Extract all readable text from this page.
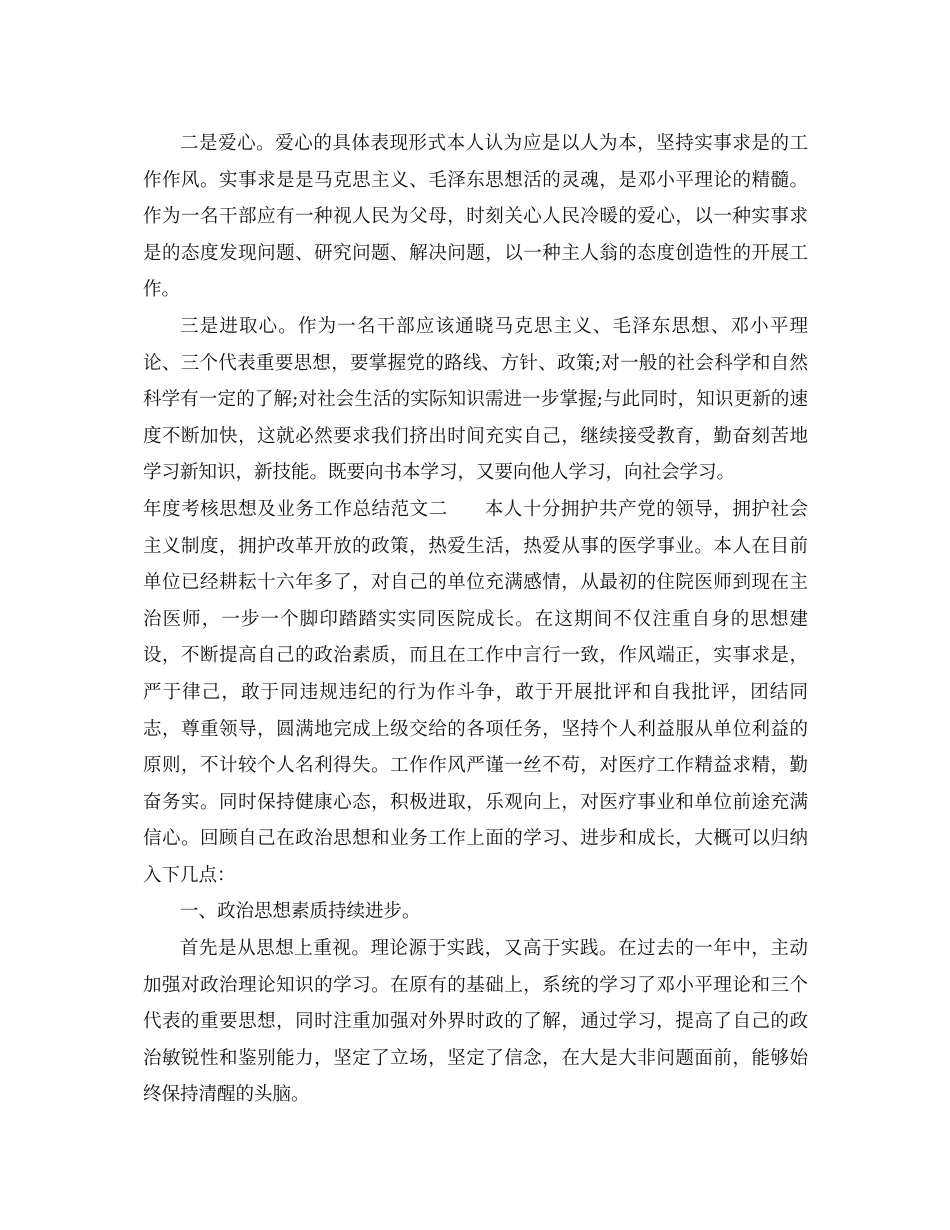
二是爱心。爱心的具体表现形式本人认为应是以人为本，坚持实事求是的工作作风。实事求是是马克思主义、毛泽东思想活的灵魂，是邓小平理论的精髓。作为一名干部应有一种视人民为父母，时刻关心人民冷暖的爱心，以一种实事求是的态度发现问题、研究问题、解决问题，以一种主人翁的态度创造性的开展工作。

三是进取心。作为一名干部应该通晓马克思主义、毛泽东思想、邓小平理论、三个代表重要思想，要掌握党的路线、方针、政策;对一般的社会科学和自然科学有一定的了解;对社会生活的实际知识需进一步掌握;与此同时，知识更新的速度不断加快，这就必然要求我们挤出时间充实自己，继续接受教育，勤奋刻苦地学习新知识，新技能。既要向书本学习，又要向他人学习，向社会学习。

年度考核思想及业务工作总结范文二 本人十分拥护共产党的领导，拥护社会主义制度，拥护改革开放的政策，热爱生活，热爱从事的医学事业。本人在目前单位已经耕耘十六年多了，对自己的单位充满感情，从最初的住院医师到现在主治医师，一步一个脚印踏踏实实同医院成长。在这期间不仅注重自身的思想建设，不断提高自己的政治素质，而且在工作中言行一致，作风端正，实事求是，严于律己，敢于同违规违纪的行为作斗争，敢于开展批评和自我批评，团结同志，尊重领导，圆满地完成上级交给的各项任务，坚持个人利益服从单位利益的原则，不计较个人名利得失。工作作风严谨一丝不苟，对医疗工作精益求精，勤奋务实。同时保持健康心态，积极进取，乐观向上，对医疗事业和单位前途充满信心。回顾自己在政治思想和业务工作上面的学习、进步和成长，大概可以归纳入下几点：

一、政治思想素质持续进步。

首先是从思想上重视。理论源于实践，又高于实践。在过去的一年中，主动加强对政治理论知识的学习。在原有的基础上，系统的学习了邓小平理论和三个代表的重要思想，同时注重加强对外界时政的了解，通过学习，提高了自己的政治敏锐性和鉴别能力，坚定了立场，坚定了信念，在大是大非问题面前，能够始终保持清醒的头脑。
